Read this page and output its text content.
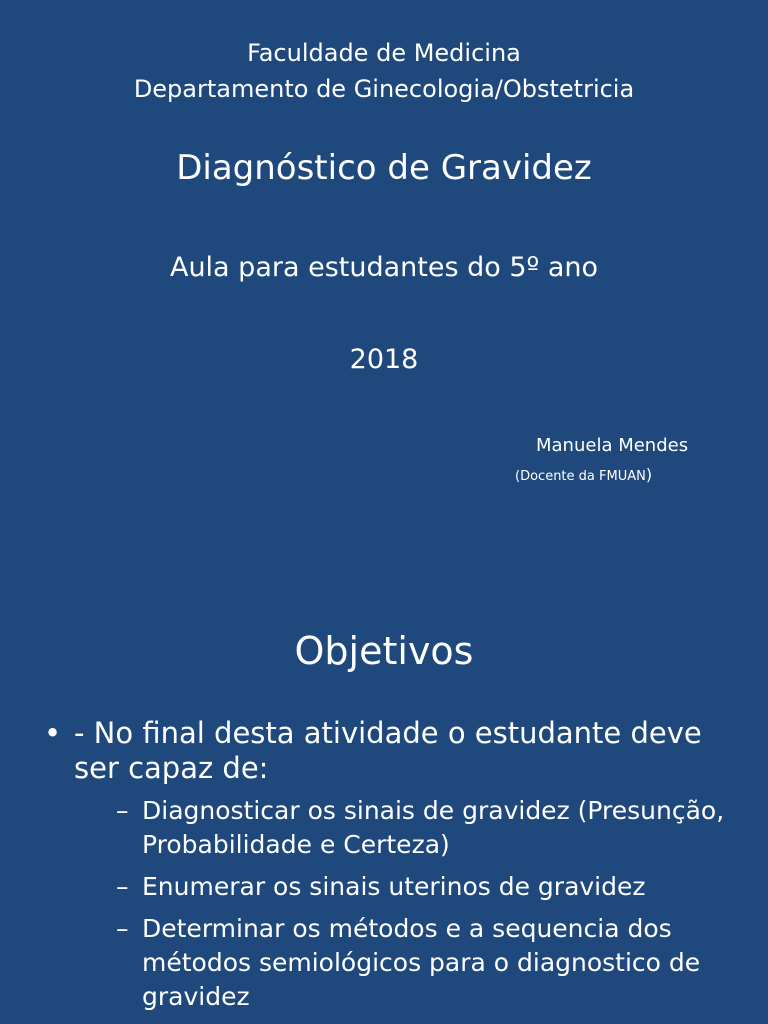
Faculdade de Medicina
Departamento de Ginecologia/Obstetricia
Diagnóstico de Gravidez
Aula para estudantes do 5º ano
2018
Manuela Mendes
(Docente da FMUAN)
Objetivos
• - No final desta atividade o estudante deve ser capaz de:
– Diagnosticar os sinais de gravidez (Presunção, Probabilidade e Certeza)
– Enumerar os sinais uterinos de gravidez
– Determinar os métodos e a sequencia dos métodos semiológicos para o diagnostico de gravidez
